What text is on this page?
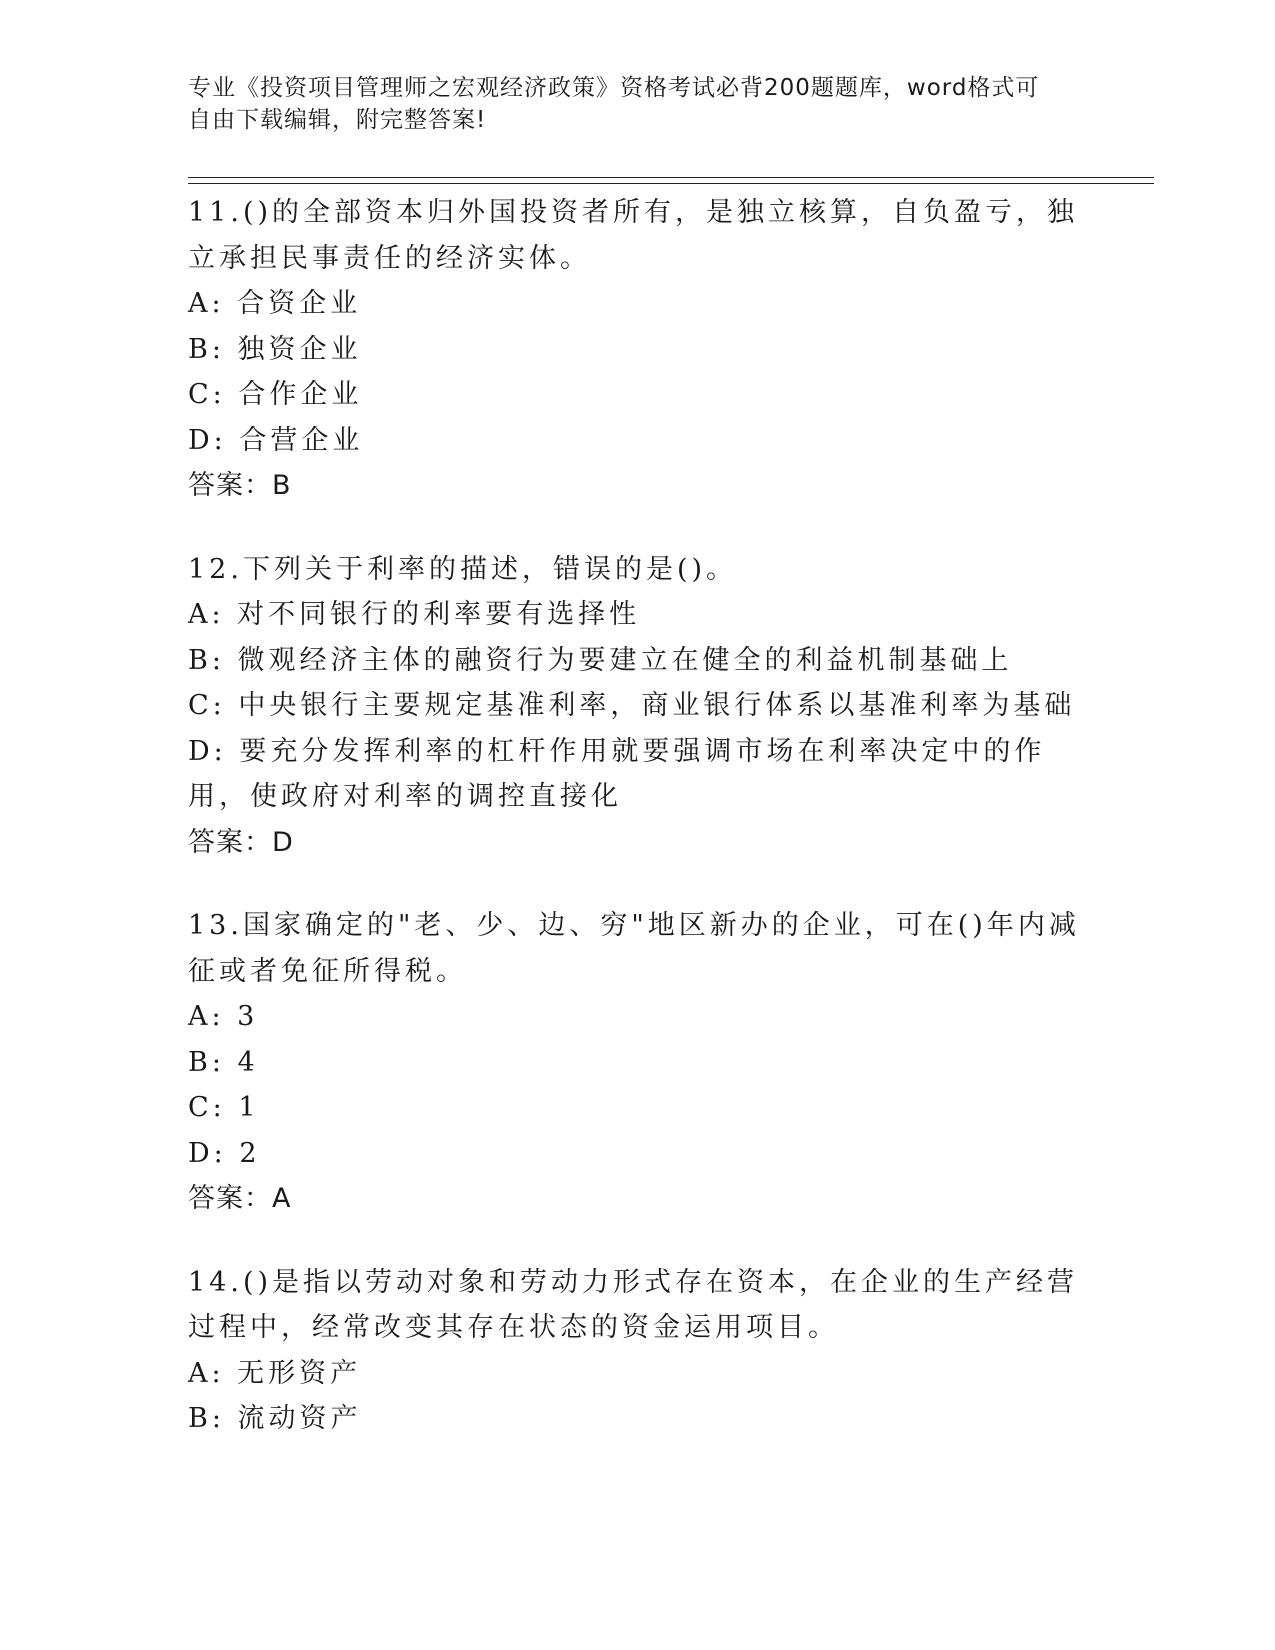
专业《投资项目管理师之宏观经济政策》资格考试必背200题题库，word格式可
自由下载编辑，附完整答案!

11.()的全部资本归外国投资者所有，是独立核算，自负盈亏，独立承担民事责任的经济实体。

A: 合资企业

B: 独资企业

C: 合作企业

D: 合营企业

答案：B

12.下列关于利率的描述，错误的是()。

A: 对不同银行的利率要有选择性

B: 微观经济主体的融资行为要建立在健全的利益机制基础上

C: 中央银行主要规定基准利率，商业银行体系以基准利率为基础

D: 要充分发挥利率的杠杆作用就要强调市场在利率决定中的作用，使政府对利率的调控直接化

答案：D

13.国家确定的"老、少、边、穷"地区新办的企业，可在()年内减征或者免征所得税。

A: 3

B: 4

C: 1

D: 2

答案：A

14.()是指以劳动对象和劳动力形式存在资本，在企业的生产经营过程中，经常改变其存在状态的资金运用项目。

A: 无形资产

B: 流动资产
